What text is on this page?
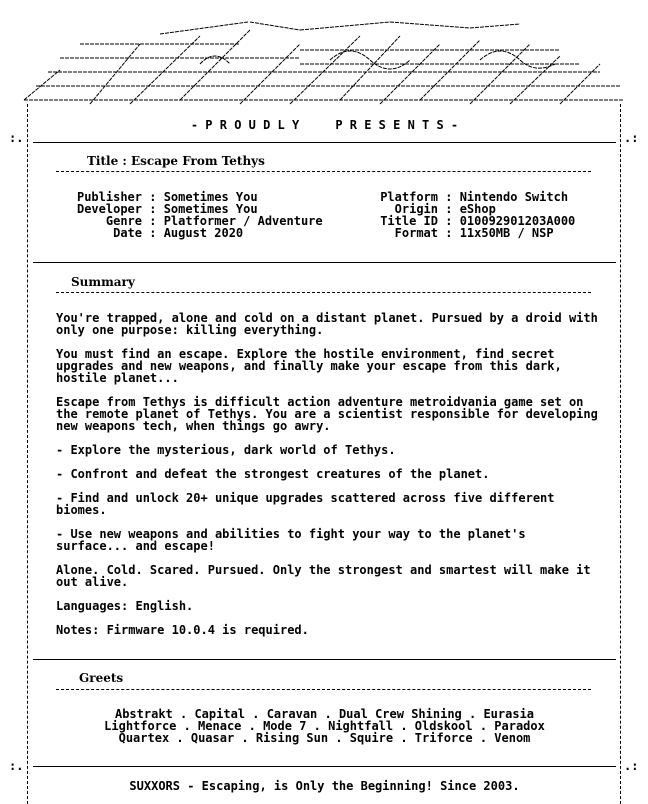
:.	.:
:.	.:
- P R O U D L Y     P R E S E N T S -
Title : Escape From Tethys
Publisher : Sometimes You
Developer : Sometimes You
Genre : Platformer / Adventure
Date : August 2020
Platform : Nintendo Switch
Origin : eShop
Title ID : 010092901203A000
Format : 11x50MB / NSP
Summary
You're trapped, alone and cold on a distant planet. Pursued by a droid with only one purpose: killing everything.
You must find an escape. Explore the hostile environment, find secret upgrades and new weapons, and finally make your escape from this dark, hostile planet...
Escape from Tethys is difficult action adventure metroidvania game set on the remote planet of Tethys. You are a scientist responsible for developing new weapons tech, when things go awry.
- Explore the mysterious, dark world of Tethys.
- Confront and defeat the strongest creatures of the planet.
- Find and unlock 20+ unique upgrades scattered across five different biomes.
- Use new weapons and abilities to fight your way to the planet's surface... and escape!
Alone. Cold. Scared. Pursued. Only the strongest and smartest will make it out alive.
Languages: English.
Notes: Firmware 10.0.4 is required.
Greets
Abstrakt . Capital . Caravan . Dual Crew Shining . Eurasia
Lightforce . Menace . Mode 7 . Nightfall . Oldskool . Paradox
Quartex . Quasar . Rising Sun . Squire . Triforce . Venom
SUXXORS - Escaping, is Only the Beginning! Since 2003.
